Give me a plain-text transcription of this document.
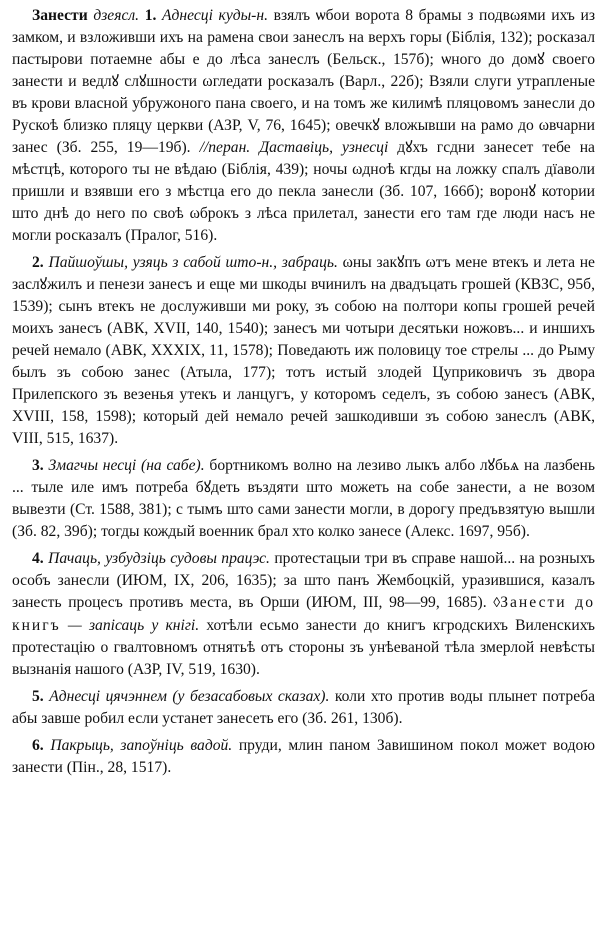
Занести дзеясл. 1. Аднесці куды-н. взялъ ѡбои ворота 8 брамы з подвωями ихъ из замком, и взложивши ихъ на рамена свои занеслъ на верхъ горы (Біблія, 132); росказал пастырови потаемне абы е до лѣса занеслъ (Бельск., 157б); ѡного до домꙋ своего занести и ведлꙋ слꙋшности ωгледати росказалъ (Варл., 22б); Взяли слуги утрапленые въ крови власной убружоного пана своего, и на томъ же килимѣ пляцовомъ занесли до Рускоѣ близко пляцу церкви (АЗР, V, 76, 1645); овечкꙋ вложывши на рамо до ωвчарни занес (Зб. 255, 19—19б). //перан. Даставіць, узнесці дꙋхъ гсдни занесет тебе на мѣстцѣ, которого ты не вѣдаю (Біблія, 439); ночы ωдноѣ кгды на ложку спалъ дїаволи пришли и взявши его з мѣстца его до пекла занесли (Зб. 107, 166б); воронꙋ котории што днѣ до него по своѣ ωброкъ з лѣса прилетал, занести его там где люди насъ не могли росказалъ (Пралог, 516).

2. Пайшоўшы, узяць з сабой што-н., забраць. ωны закꙋпъ ωтъ мене втекъ и лета не заслꙋжилъ и пенези занесъ и еще ми шкоды вчинилъ на двадъцать грошей (КВЗС, 95б, 1539); сынъ втекъ не дослуживши ми року, зъ собою на полтори копы грошей речей моихъ занесъ (АВК, XVII, 140, 1540); занесъ ми чотыри десятьки ножовъ... и иншихъ речей немало (АВК, XXXIX, 11, 1578); Поведають иж половицу тое стрелы ... до Рыму былъ зъ собою занес (Атыла, 177); тотъ истый злодей Цуприковичъ зъ двора Прилепского зъ везенья утекъ и ланцугъ, у которомъ седелъ, зъ собою занесъ (АВК, XVIII, 158, 1598); который дей немало речей зашкодивши зъ собою занеслъ (АВК, VIII, 515, 1637).

3. Змагчы несці (на сабе). бортникомъ волно на лезиво лыкъ албо лꙋбьѧ на лазбень ... тыле иле имъ потреба бꙋдеть въздяти што можеть на собе занести, а не возом вывезти (Ст. 1588, 381); с тымъ што сами занести могли, в дорогу предъвзятую вышли (Зб. 82, 39б); тогды кождый военник брал хто колко занесе (Алекс. 1697, 95б).

4. Пачаць, узбудзіць судовы працэс. протестацыи три въ справе нашой... на розныхъ особъ занесли (ИЮМ, IX, 206, 1635); за што панъ Жембоцкій, уразившися, казалъ занесть процесъ противъ места, въ Орши (ИЮМ, III, 98—99, 1685). ◊Занести до книгъ — запісаць у кнігі. хотѣли есьмо занести до книгъ кгродскихъ Виленскихъ протестацію о гвалтовномъ отнятьѣ отъ стороны зъ унѣеваной тѣла змерлой невѣсты вызнанія нашого (АЗР, IV, 519, 1630).

5. Аднесці цячэннем (у безасабовых сказах). коли хто против воды плынет потреба абы завше робил если устанет занесеть его (Зб. 261, 130б).

6. Пакрыць, запоўніць вадой. пруди, млин паном Завишином покол может водою занести (Пін., 28, 1517).
